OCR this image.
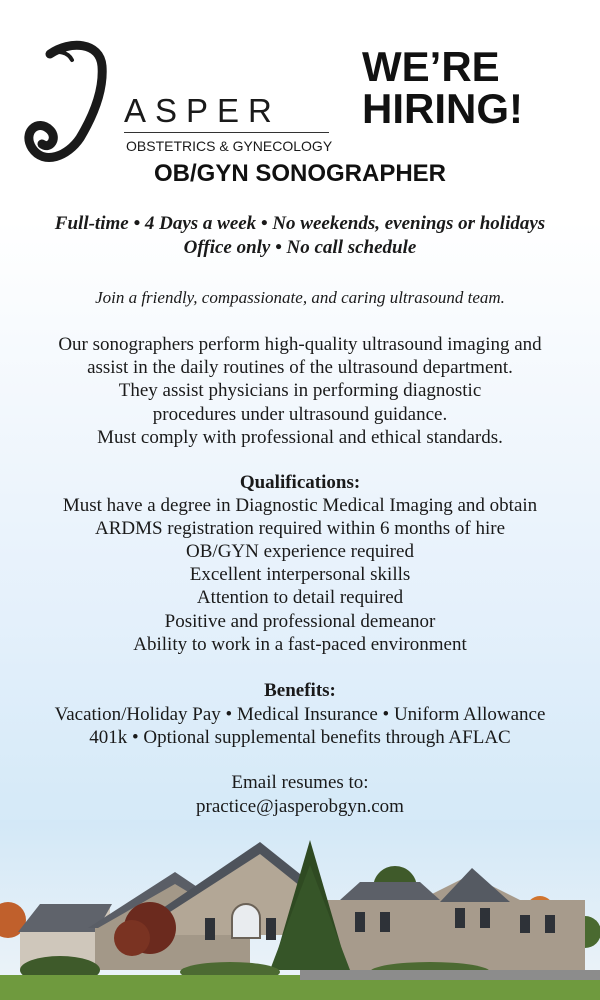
ASPER

OBSTETRICS & GYNECOLOGY

WE’RE
HIRING!
OB/GYN SONOGRAPHER

Full-time • 4 Days a week • No weekends, evenings or holidays

Office only • No call schedule

Join a friendly, compassionate, and caring ultrasound team.

Our sonographers perform high-quality ultrasound imaging and

assist in the daily routines of the ultrasound department.

They assist physicians in performing diagnostic

procedures under ultrasound guidance.

Must comply with professional and ethical standards.

Qualifications:

Must have a degree in Diagnostic Medical Imaging and obtain

ARDMS registration required within 6 months of hire

OB/GYN experience required

Excellent interpersonal skills

Attention to detail required

Positive and professional demeanor

Ability to work in a fast-paced environment

Benefits:

Vacation/Holiday Pay • Medical Insurance • Uniform Allowance

401k • Optional supplemental benefits through AFLAC

Email resumes to:

practice@jasperobgyn.com
